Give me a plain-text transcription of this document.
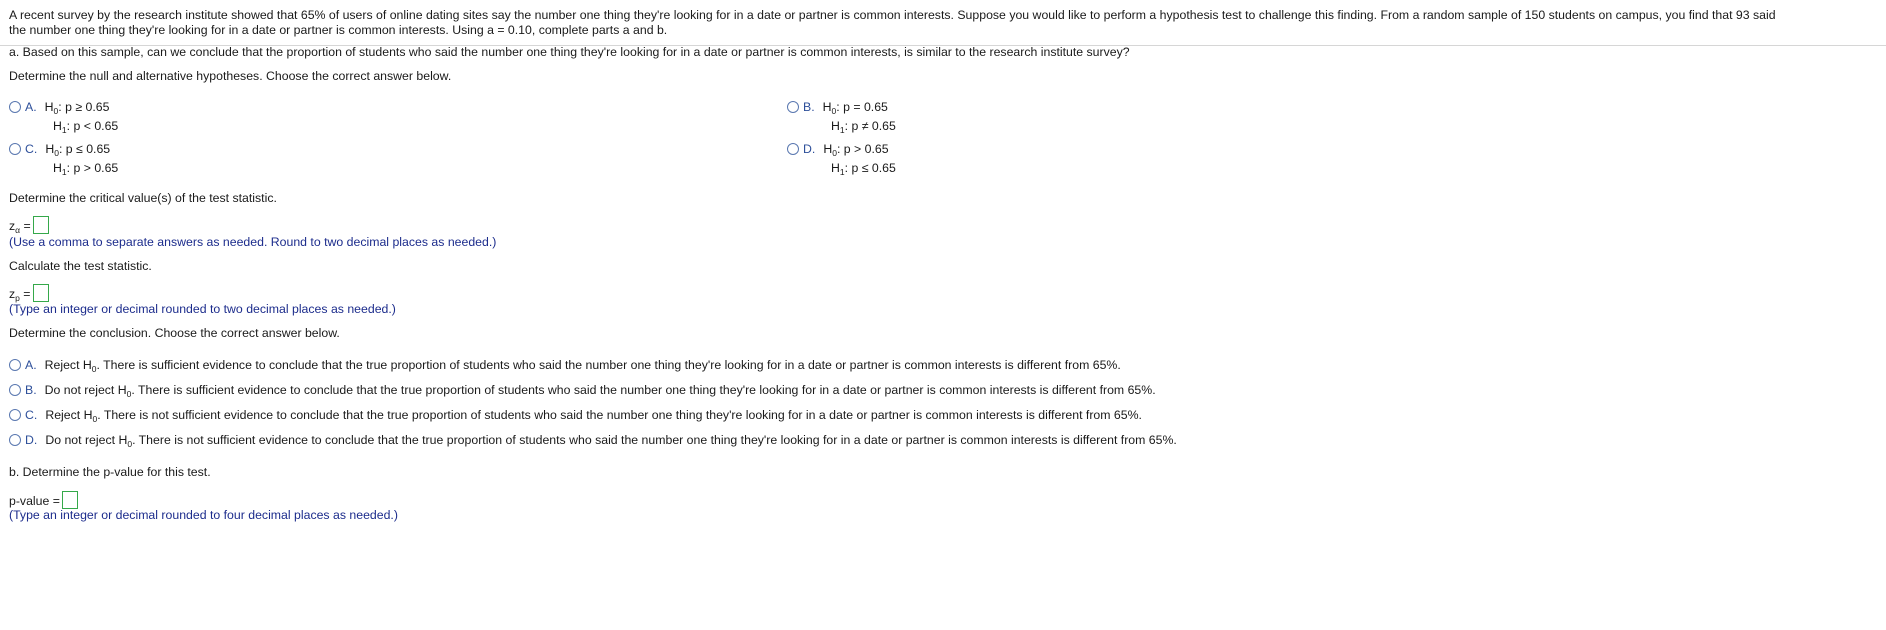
A recent survey by the research institute showed that 65% of users of online dating sites say the number one thing they're looking for in a date or partner is common interests. Suppose you would like to perform a hypothesis test to challenge this finding. From a random sample of 150 students on campus, you find that 93 said
the number one thing they're looking for in a date or partner is common interests. Using a = 0.10, complete parts a and b.
a. Based on this sample, can we conclude that the proportion of students who said the number one thing they're looking for in a date or partner is common interests, is similar to the research institute survey?
Determine the null and alternative hypotheses. Choose the correct answer below.
A. $H_0$: p ≥ 0.65
$H_1$: p < 0.65
B. $H_0$: p = 0.65
$H_1$: p ≠ 0.65
C. $H_0$: p ≤ 0.65
$H_1$: p > 0.65
D. $H_0$: p > 0.65
$H_1$: p ≤ 0.65
Determine the critical value(s) of the test statistic.
$z_\alpha$ =
(Use a comma to separate answers as needed. Round to two decimal places as needed.)
Calculate the test statistic.
$z_p$ =
(Type an integer or decimal rounded to two decimal places as needed.)
Determine the conclusion. Choose the correct answer below.
A. Reject $H_0$. There is sufficient evidence to conclude that the true proportion of students who said the number one thing they're looking for in a date or partner is common interests is different from 65%.
B. Do not reject $H_0$. There is sufficient evidence to conclude that the true proportion of students who said the number one thing they're looking for in a date or partner is common interests is different from 65%.
C. Reject $H_0$. There is not sufficient evidence to conclude that the true proportion of students who said the number one thing they're looking for in a date or partner is common interests is different from 65%.
D. Do not reject $H_0$. There is not sufficient evidence to conclude that the true proportion of students who said the number one thing they're looking for in a date or partner is common interests is different from 65%.
b. Determine the p-value for this test.
p-value =
(Type an integer or decimal rounded to four decimal places as needed.)
